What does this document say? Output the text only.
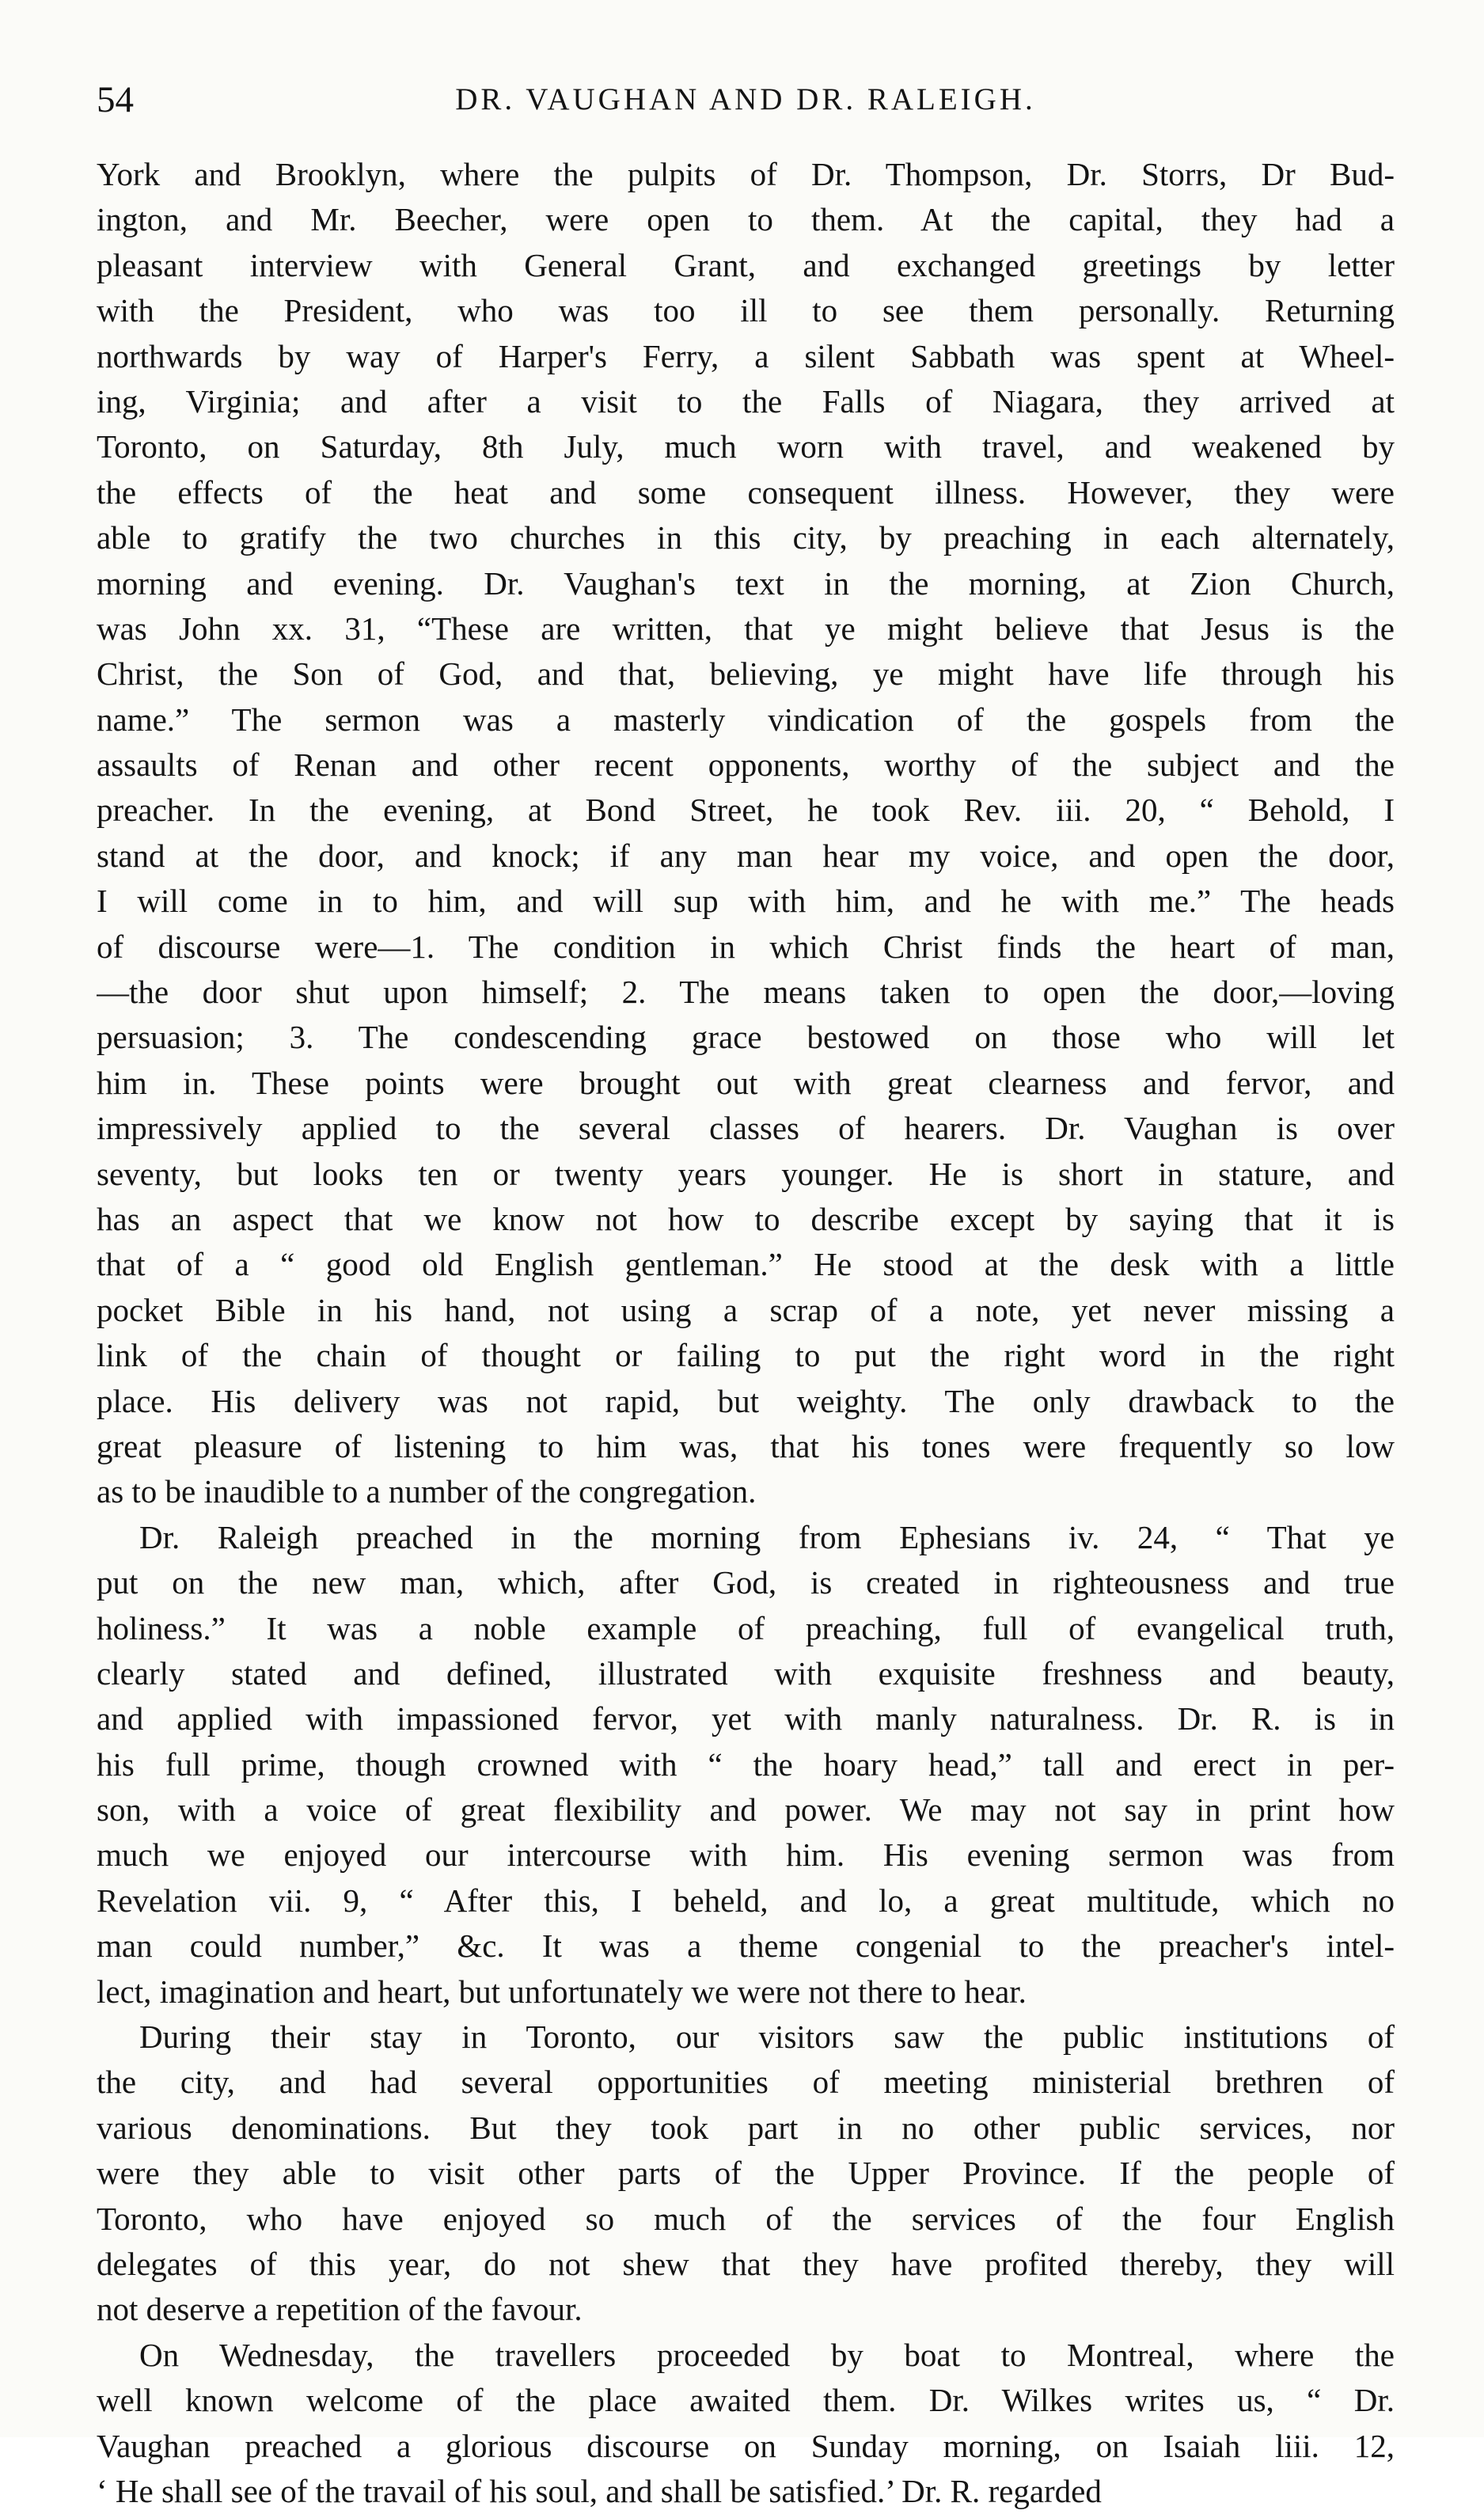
54	DR. VAUGHAN AND DR. RALEIGH.
York and Brooklyn, where the pulpits of Dr. Thompson, Dr. Storrs, Dr Bud-
ington, and Mr. Beecher, were open to them. At the capital, they had a
pleasant interview with General Grant, and exchanged greetings by letter
with the President, who was too ill to see them personally. Returning
northwards by way of Harper's Ferry, a silent Sabbath was spent at Wheel-
ing, Virginia; and after a visit to the Falls of Niagara, they arrived at
Toronto, on Saturday, 8th July, much worn with travel, and weakened by
the effects of the heat and some consequent illness. However, they were
able to gratify the two churches in this city, by preaching in each alternately,
morning and evening. Dr. Vaughan's text in the morning, at Zion Church,
was John xx. 31, “These are written, that ye might believe that Jesus is the
Christ, the Son of God, and that, believing, ye might have life through his
name.” The sermon was a masterly vindication of the gospels from the
assaults of Renan and other recent opponents, worthy of the subject and the
preacher. In the evening, at Bond Street, he took Rev. iii. 20, “ Behold, I
stand at the door, and knock; if any man hear my voice, and open the door,
I will come in to him, and will sup with him, and he with me.” The heads
of discourse were—1. The condition in which Christ finds the heart of man,
—the door shut upon himself; 2. The means taken to open the door,—loving
persuasion; 3. The condescending grace bestowed on those who will let
him in. These points were brought out with great clearness and fervor, and
impressively applied to the several classes of hearers. Dr. Vaughan is over
seventy, but looks ten or twenty years younger. He is short in stature, and
has an aspect that we know not how to describe except by saying that it is
that of a “ good old English gentleman.” He stood at the desk with a little
pocket Bible in his hand, not using a scrap of a note, yet never missing a
link of the chain of thought or failing to put the right word in the right
place. His delivery was not rapid, but weighty. The only drawback to the
great pleasure of listening to him was, that his tones were frequently so low
as to be inaudible to a number of the congregation.
Dr. Raleigh preached in the morning from Ephesians iv. 24, “ That ye
put on the new man, which, after God, is created in righteousness and true
holiness.” It was a noble example of preaching, full of evangelical truth,
clearly stated and defined, illustrated with exquisite freshness and beauty,
and applied with impassioned fervor, yet with manly naturalness. Dr. R. is in
his full prime, though crowned with “ the hoary head,” tall and erect in per-
son, with a voice of great flexibility and power. We may not say in print how
much we enjoyed our intercourse with him. His evening sermon was from
Revelation vii. 9, “ After this, I beheld, and lo, a great multitude, which no
man could number,” &c. It was a theme congenial to the preacher's intel-
lect, imagination and heart, but unfortunately we were not there to hear.
During their stay in Toronto, our visitors saw the public institutions of
the city, and had several opportunities of meeting ministerial brethren of
various denominations. But they took part in no other public services, nor
were they able to visit other parts of the Upper Province. If the people of
Toronto, who have enjoyed so much of the services of the four English
delegates of this year, do not shew that they have profited thereby, they will
not deserve a repetition of the favour.
On Wednesday, the travellers proceeded by boat to Montreal, where the
well known welcome of the place awaited them. Dr. Wilkes writes us, “ Dr.
Vaughan preached a glorious discourse on Sunday morning, on Isaiah liii. 12,
‘ He shall see of the travail of his soul, and shall be satisfied.’ Dr. R. regarded
